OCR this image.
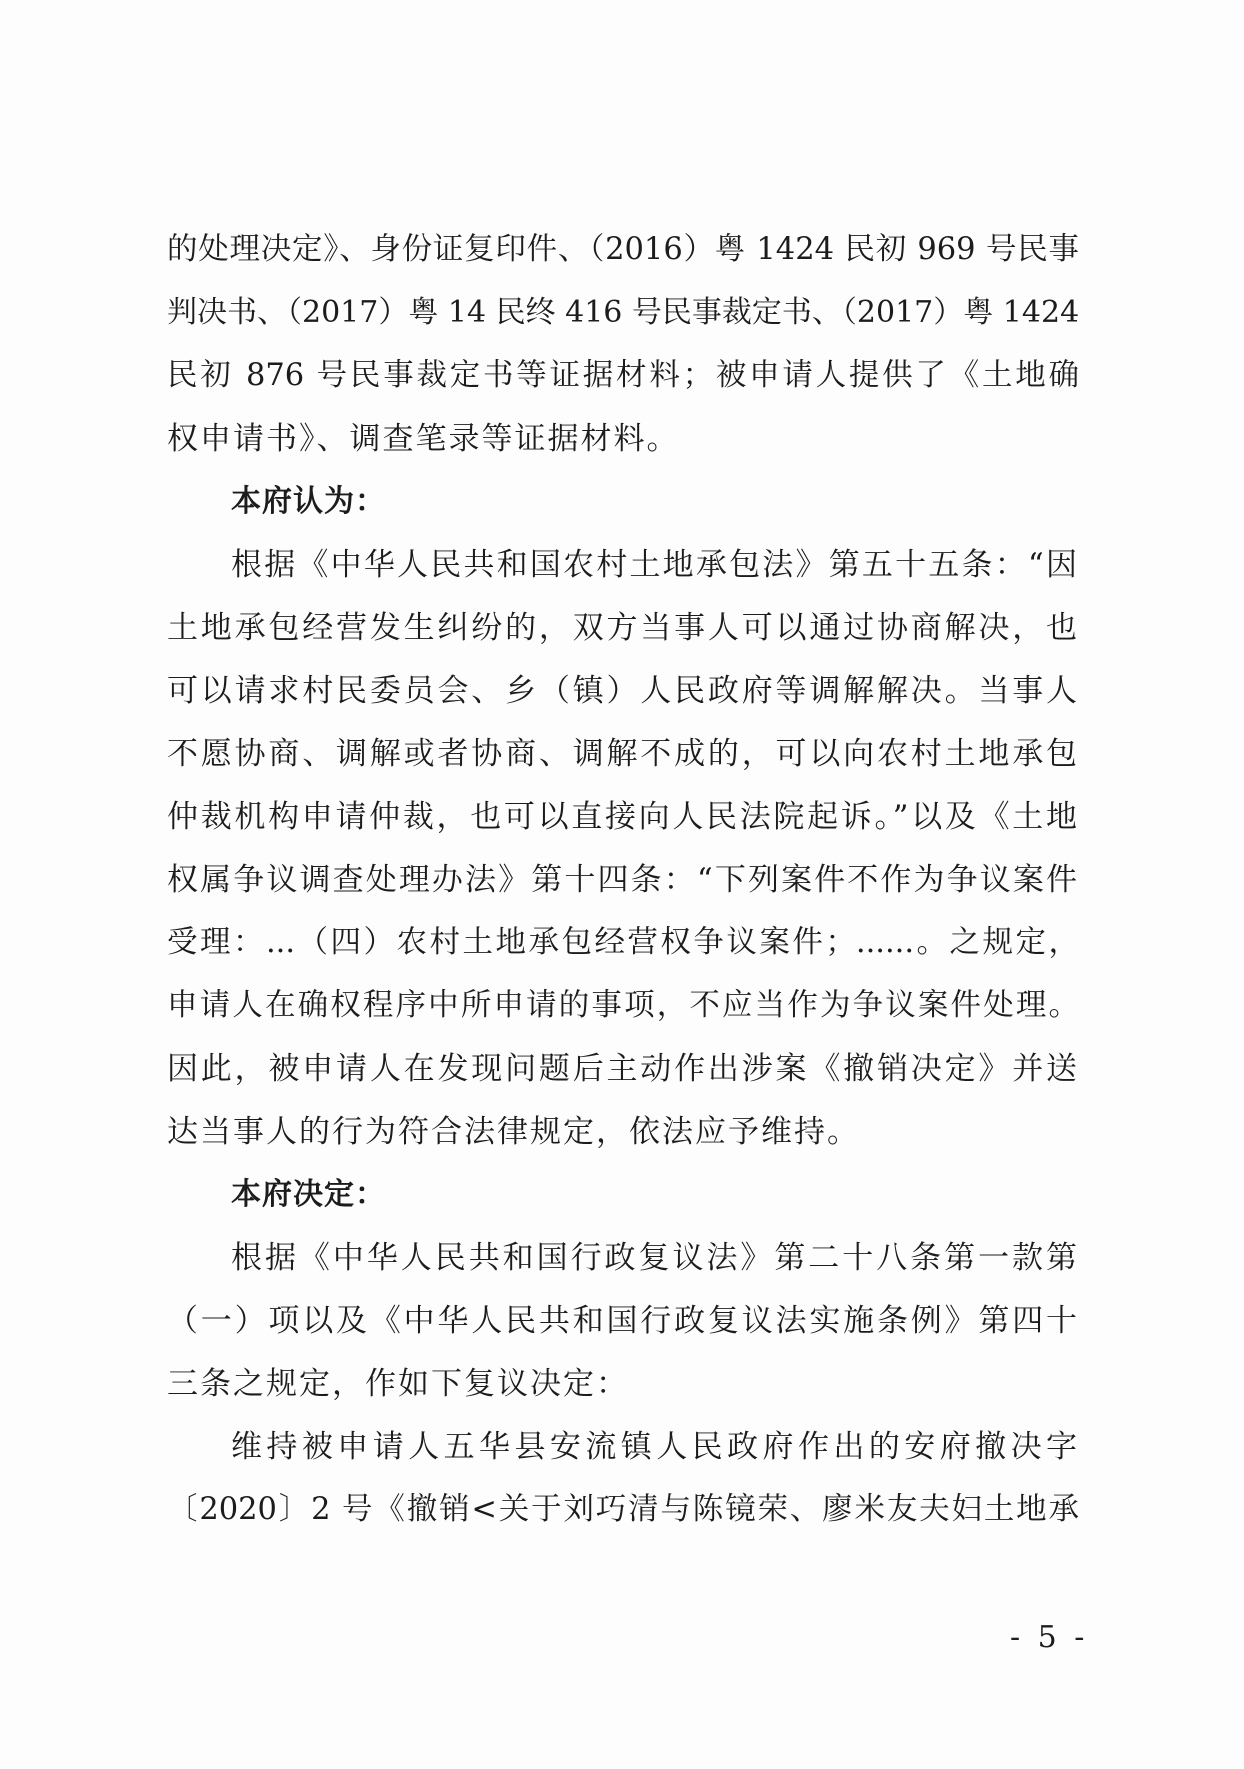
的处理决定》、身份证复印件、（2016）粤 1424 民初 969 号民事
判决书、（2017）粤 14 民终 416 号民事裁定书、（2017）粤 1424
民初 876 号民事裁定书等证据材料；被申请人提供了《土地确
权申请书》、调查笔录等证据材料。
本府认为：
根据《中华人民共和国农村土地承包法》第五十五条：“因
土地承包经营发生纠纷的，双方当事人可以通过协商解决，也
可以请求村民委员会、乡（镇）人民政府等调解解决。当事人
不愿协商、调解或者协商、调解不成的，可以向农村土地承包
仲裁机构申请仲裁，也可以直接向人民法院起诉。”以及《土地
权属争议调查处理办法》第十四条：“下列案件不作为争议案件
受理：...（四）农村土地承包经营权争议案件；......。之规定，
申请人在确权程序中所申请的事项，不应当作为争议案件处理。
因此，被申请人在发现问题后主动作出涉案《撤销决定》并送
达当事人的行为符合法律规定，依法应予维持。
本府决定：
根据《中华人民共和国行政复议法》第二十八条第一款第
（一）项以及《中华人民共和国行政复议法实施条例》第四十
三条之规定，作如下复议决定：
维持被申请人五华县安流镇人民政府作出的安府撤决字
〔2020〕2 号《撤销<关于刘巧清与陈镜荣、廖米友夫妇土地承
- 5 -
